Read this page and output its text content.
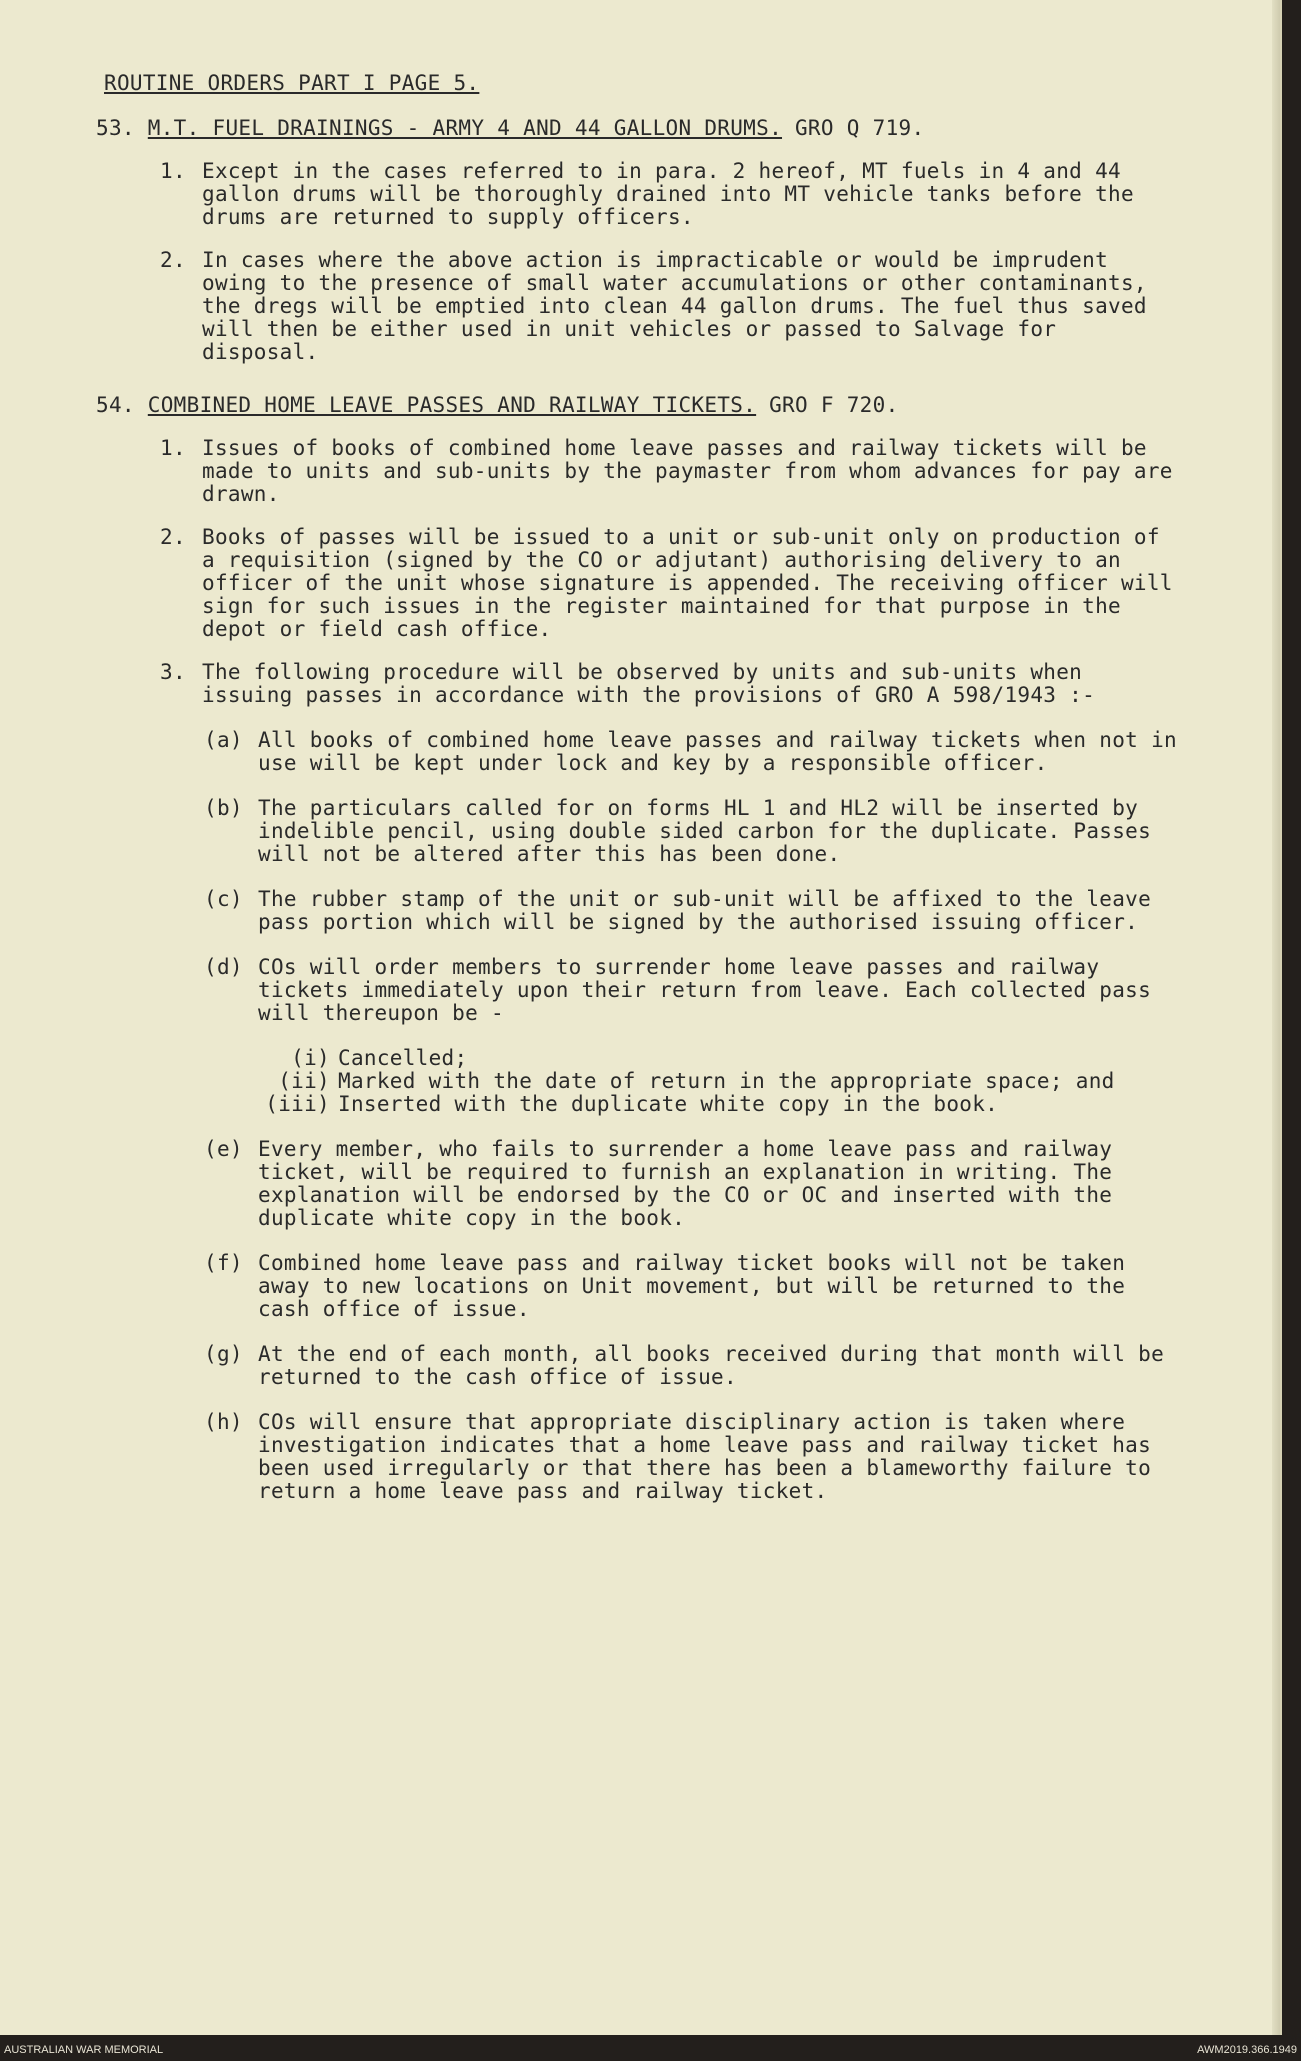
ROUTINE ORDERS PART I PAGE 5.
53. M.T. FUEL DRAININGS - ARMY 4 AND 44 GALLON DRUMS. GRO Q 719.
1. Except in the cases referred to in para. 2 hereof, MT fuels in 4 and 44 gallon drums will be thoroughly drained into MT vehicle tanks before the drums are returned to supply officers.
2. In cases where the above action is impracticable or would be imprudent owing to the presence of small water accumulations or other contaminants, the dregs will be emptied into clean 44 gallon drums. The fuel thus saved will then be either used in unit vehicles or passed to Salvage for disposal.
54. COMBINED HOME LEAVE PASSES AND RAILWAY TICKETS. GRO F 720.
1. Issues of books of combined home leave passes and railway tickets will be made to units and sub-units by the paymaster from whom advances for pay are drawn.
2. Books of passes will be issued to a unit or sub-unit only on production of a requisition (signed by the CO or adjutant) authorising delivery to an officer of the unit whose signature is appended. The receiving officer will sign for such issues in the register maintained for that purpose in the depot or field cash office.
3. The following procedure will be observed by units and sub-units when issuing passes in accordance with the provisions of GRO A 598/1943 :-
(a) All books of combined home leave passes and railway tickets when not in use will be kept under lock and key by a responsible officer.
(b) The particulars called for on forms HL 1 and HL2 will be inserted by indelible pencil, using double sided carbon for the duplicate. Passes will not be altered after this has been done.
(c) The rubber stamp of the unit or sub-unit will be affixed to the leave pass portion which will be signed by the authorised issuing officer.
(d) COs will order members to surrender home leave passes and railway tickets immediately upon their return from leave. Each collected pass will thereupon be -
(i) Cancelled;
(ii) Marked with the date of return in the appropriate space; and
(iii) Inserted with the duplicate white copy in the book.
(e) Every member, who fails to surrender a home leave pass and railway ticket, will be required to furnish an explanation in writing. The explanation will be endorsed by the CO or OC and inserted with the duplicate white copy in the book.
(f) Combined home leave pass and railway ticket books will not be taken away to new locations on Unit movement, but will be returned to the cash office of issue.
(g) At the end of each month, all books received during that month will be returned to the cash office of issue.
(h) COs will ensure that appropriate disciplinary action is taken where investigation indicates that a home leave pass and railway ticket has been used irregularly or that there has been a blameworthy failure to return a home leave pass and railway ticket.
AUSTRALIAN WAR MEMORIAL	AWM2019.366.1949
